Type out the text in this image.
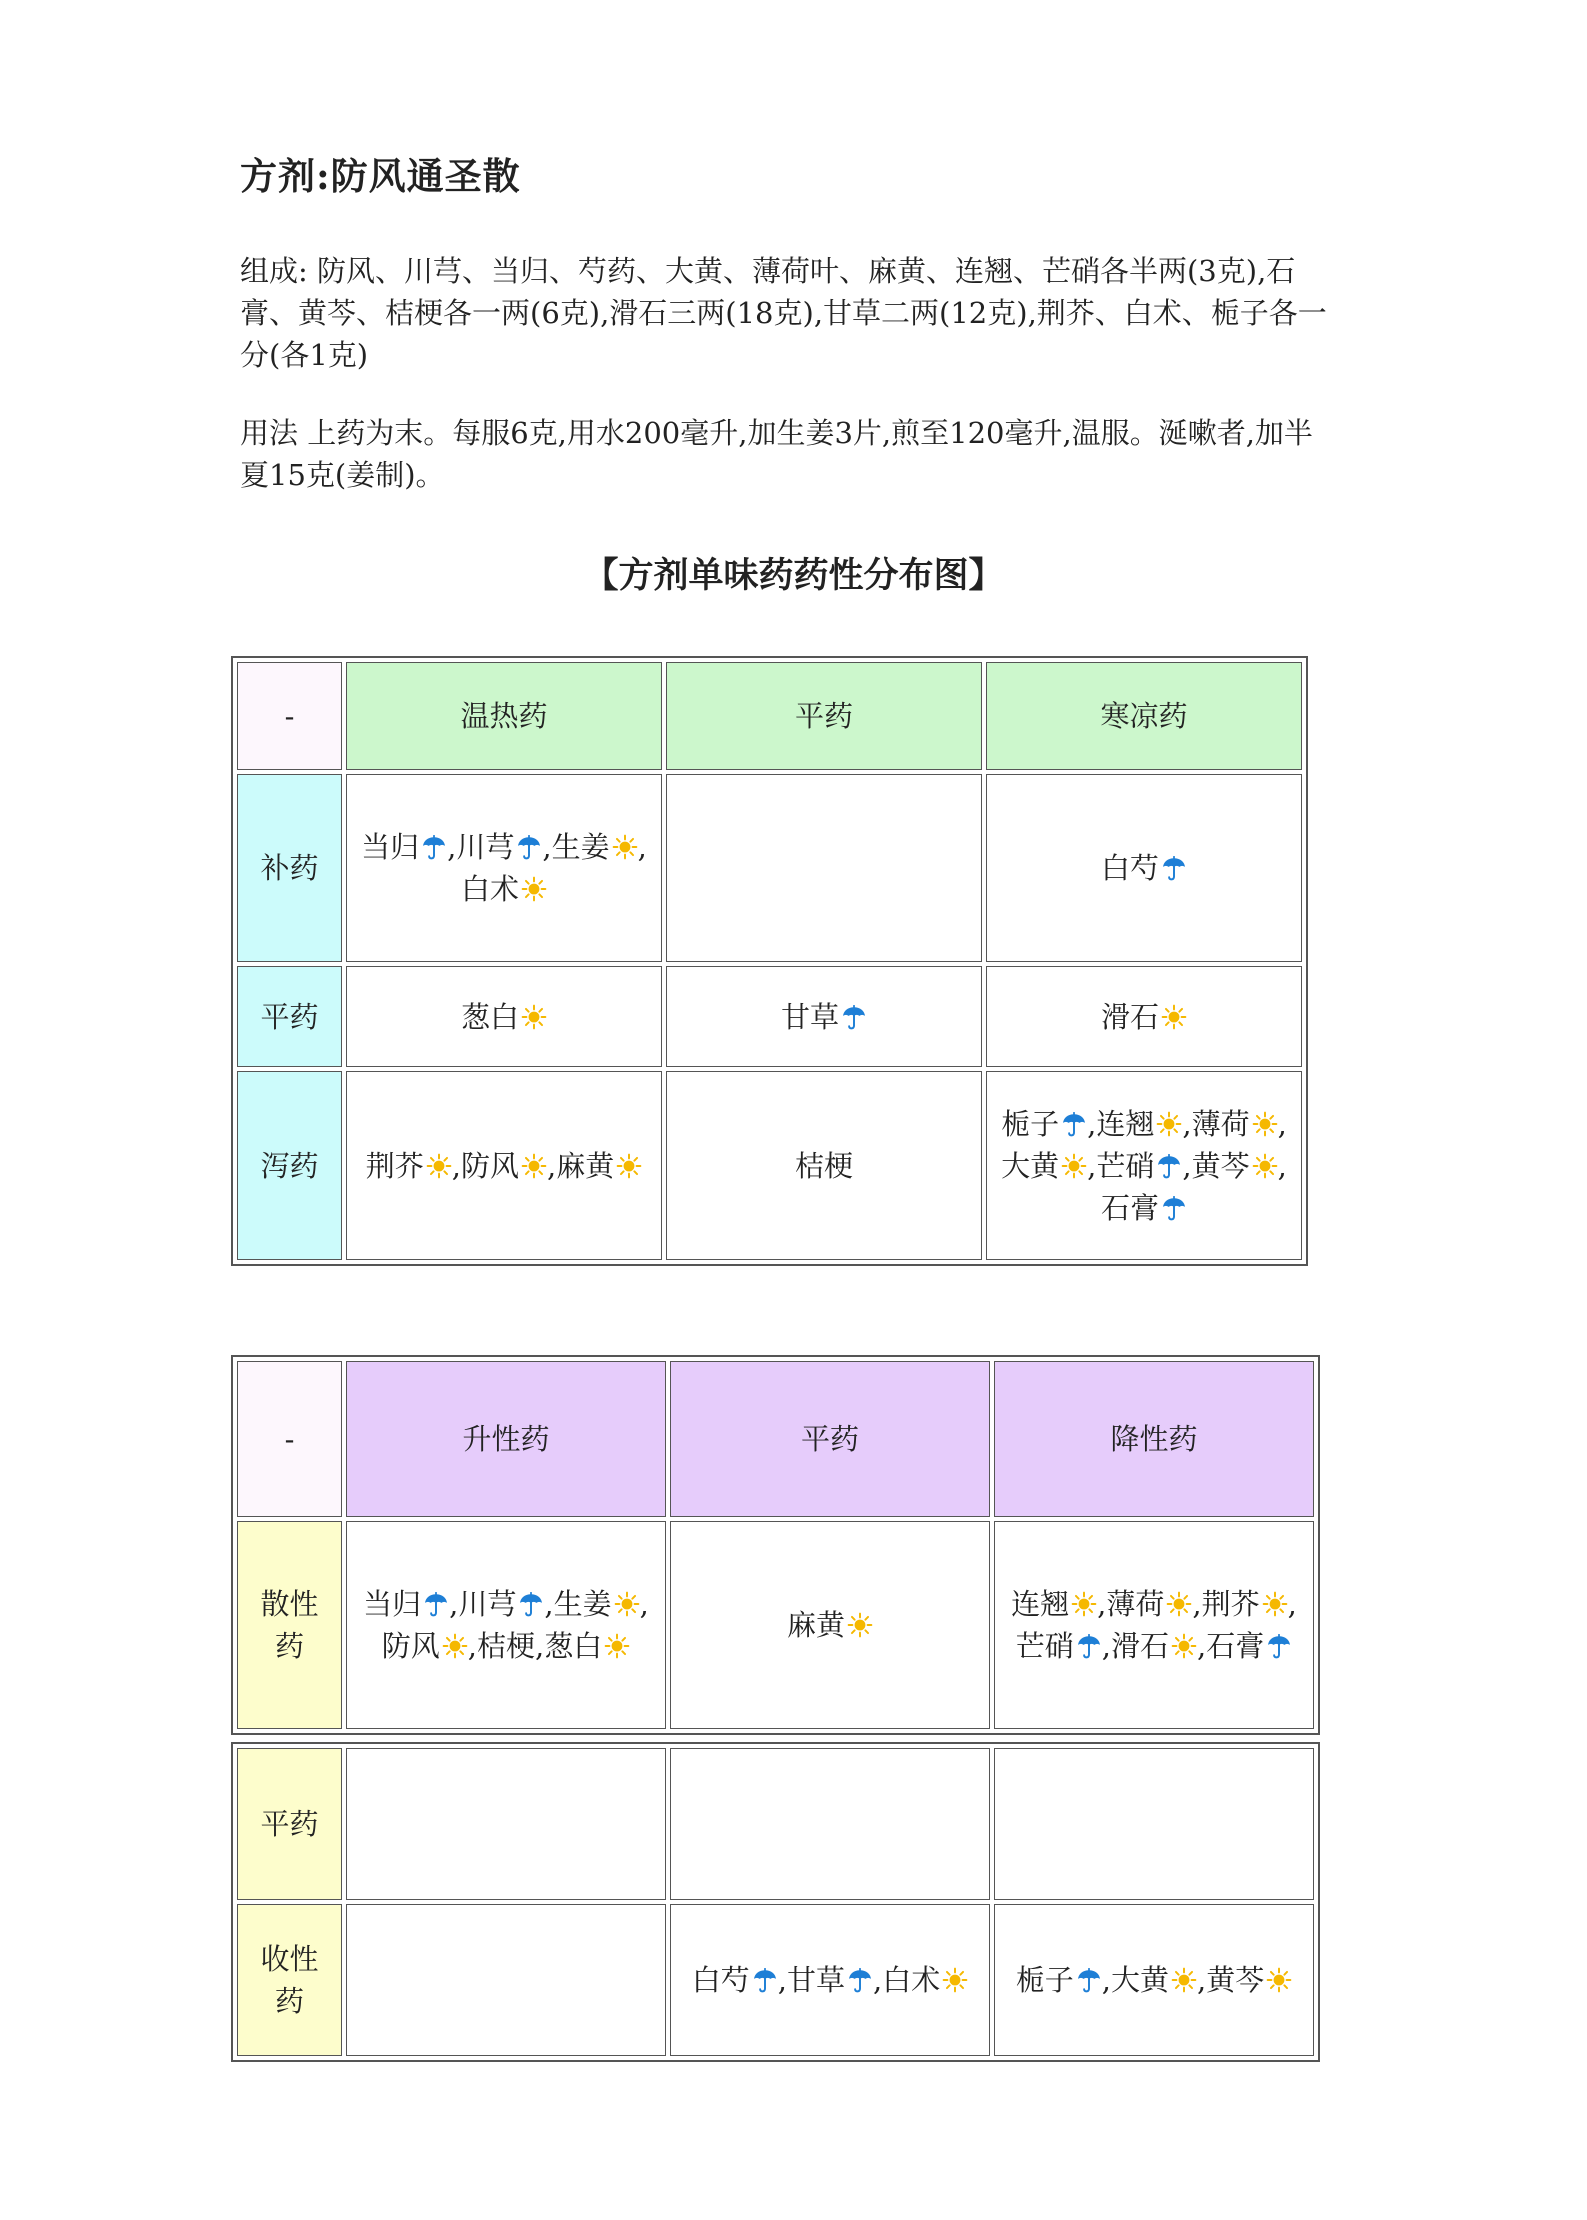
方剂:防风通圣散
组成: 防风、川芎、当归、芍药、大黄、薄荷叶、麻黄、连翘、芒硝各半两(3克),石膏、黄芩、桔梗各一两(6克),滑石三两(18克),甘草二两(12克),荆芥、白术、栀子各一分(各1克)
用法 上药为末。每服6克,用水200毫升,加生姜3片,煎至120毫升,温服。涎嗽者,加半夏15克(姜制)。
【方剂单味药药性分布图】
-	温热药	平药	寒凉药
补药	当归 ,川芎 ,生姜 ,白术		白芍
平药	葱白	甘草	滑石
泻药	荆芥 ,防风 ,麻黄	桔梗	栀子 ,连翘 ,薄荷 ,大黄 ,芒硝 ,黄芩 ,石膏
-	升性药	平药	降性药
散性药	当归 ,川芎 ,生姜 ,防风 ,桔梗,葱白	麻黄	连翘 ,薄荷 ,荆芥 ,芒硝 ,滑石 ,石膏
平药			
收性药		白芍 ,甘草 ,白术	栀子 ,大黄 ,黄芩
